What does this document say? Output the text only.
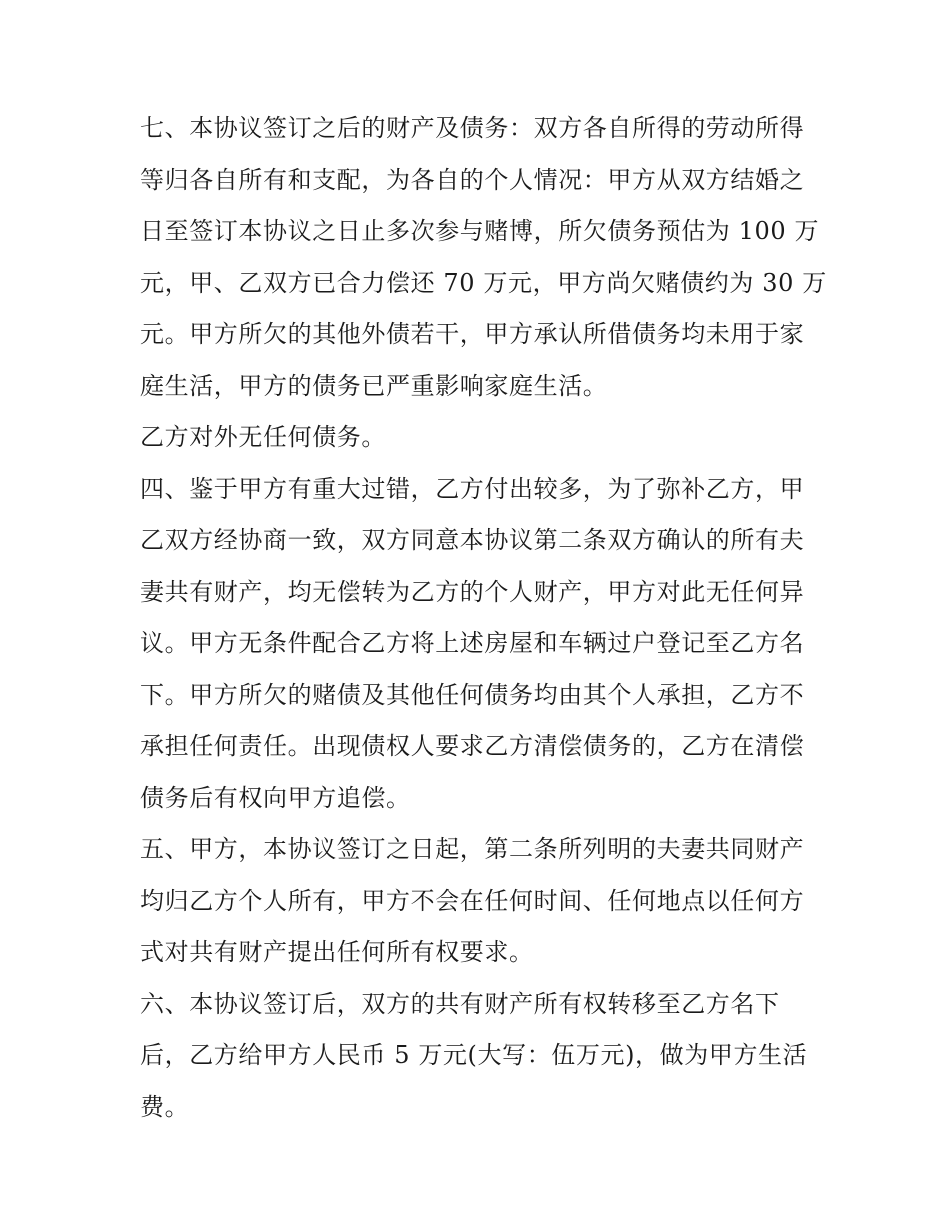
七、本协议签订之后的财产及债务：双方各自所得的劳动所得
等归各自所有和支配，为各自的个人情况：甲方从双方结婚之
日至签订本协议之日止多次参与赌博，所欠债务预估为 100 万
元，甲、乙双方已合力偿还 70 万元，甲方尚欠赌债约为 30 万
元。甲方所欠的其他外债若干，甲方承认所借债务均未用于家
庭生活，甲方的债务已严重影响家庭生活。
乙方对外无任何债务。
四、鉴于甲方有重大过错，乙方付出较多，为了弥补乙方，甲
乙双方经协商一致，双方同意本协议第二条双方确认的所有夫
妻共有财产，均无偿转为乙方的个人财产，甲方对此无任何异
议。甲方无条件配合乙方将上述房屋和车辆过户登记至乙方名
下。甲方所欠的赌债及其他任何债务均由其个人承担，乙方不
承担任何责任。出现债权人要求乙方清偿债务的，乙方在清偿
债务后有权向甲方追偿。
五、甲方，本协议签订之日起，第二条所列明的夫妻共同财产
均归乙方个人所有，甲方不会在任何时间、任何地点以任何方
式对共有财产提出任何所有权要求。
六、本协议签订后，双方的共有财产所有权转移至乙方名下
后，乙方给甲方人民币 5 万元(大写：伍万元)，做为甲方生活
费。
